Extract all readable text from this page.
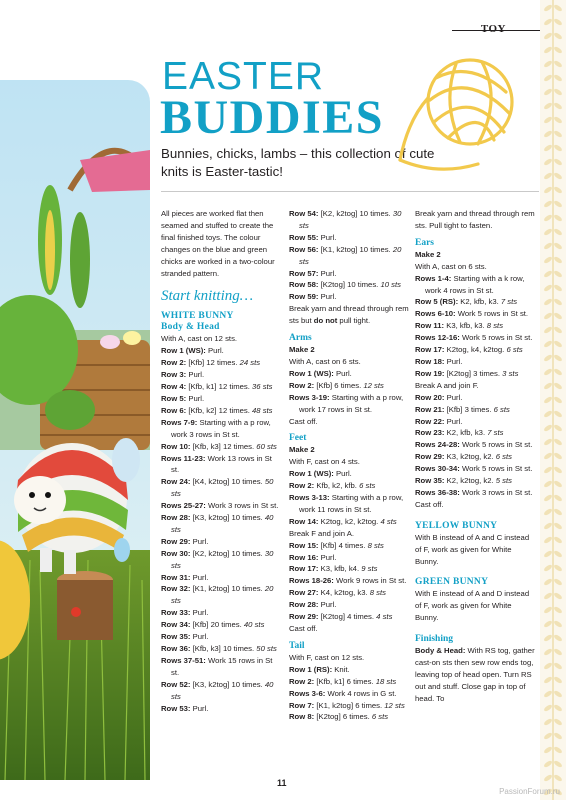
TOY
EASTER
BUDDIES
Bunnies, chicks, lambs – this collection of cute knits is Easter-tastic!

All pieces are worked flat then seamed and stuffed to create the final finished toys. The colour changes on the blue and green chicks are worked in a two-colour stranded pattern.

Start knitting…

WHITE BUNNY

Body & Head

With A, cast on 12 sts.

Row 1 (WS): Purl.

Row 2: [Kfb] 12 times. 24 sts

Row 3: Purl.

Row 4: [Kfb, k1] 12 times. 36 sts

Row 5: Purl.

Row 6: [Kfb, k2] 12 times. 48 sts

Rows 7-9: Starting with a p row, work 3 rows in St st.

Row 10: [Kfb, k3] 12 times. 60 sts

Rows 11-23: Work 13 rows in St st.

Row 24: [K4, k2tog] 10 times. 50 sts

Rows 25-27: Work 3 rows in St st.

Row 28: [K3, k2tog] 10 times. 40 sts

Row 29: Purl.

Row 30: [K2, k2tog] 10 times. 30 sts

Row 31: Purl.

Row 32: [K1, k2tog] 10 times. 20 sts

Row 33: Purl.

Row 34: [Kfb] 20 times. 40 sts

Row 35: Purl.

Row 36: [Kfb, k3] 10 times. 50 sts

Rows 37-51: Work 15 rows in St st.

Row 52: [K3, k2tog] 10 times. 40 sts

Row 53: Purl.

Row 54: [K2, k2tog] 10 times. 30 sts

Row 55: Purl.

Row 56: [K1, k2tog] 10 times. 20 sts

Row 57: Purl.

Row 58: [K2tog] 10 times. 10 sts

Row 59: Purl.

Break yarn and thread through rem sts but do not pull tight.

Arms

Make 2

With A, cast on 6 sts.

Row 1 (WS): Purl.

Row 2: [Kfb] 6 times. 12 sts

Rows 3-19: Starting with a p row, work 17 rows in St st.

Cast off.

Feet

Make 2

With F, cast on 4 sts.

Row 1 (WS): Purl.

Row 2: Kfb, k2, kfb. 6 sts

Rows 3-13: Starting with a p row, work 11 rows in St st.

Row 14: K2tog, k2, k2tog. 4 sts

Break F and join A.

Row 15: [Kfb] 4 times. 8 sts

Row 16: Purl.

Row 17: K3, kfb, k4. 9 sts

Rows 18-26: Work 9 rows in St st.

Row 27: K4, k2tog, k3. 8 sts

Row 28: Purl.

Row 29: [K2tog] 4 times. 4 sts

Cast off.

Tail

With F, cast on 12 sts.

Row 1 (RS): Knit.

Row 2: [Kfb, k1] 6 times. 18 sts

Rows 3-6: Work 4 rows in G st.

Row 7: [K1, k2tog] 6 times. 12 sts

Row 8: [K2tog] 6 times. 6 sts

Break yarn and thread through rem sts. Pull tight to fasten.

Ears

Make 2

With A, cast on 6 sts.

Rows 1-4: Starting with a k row, work 4 rows in St st.

Row 5 (RS): K2, kfb, k3. 7 sts

Rows 6-10: Work 5 rows in St st.

Row 11: K3, kfb, k3. 8 sts

Rows 12-16: Work 5 rows in St st.

Row 17: K2tog, k4, k2tog. 6 sts

Row 18: Purl.

Row 19: [K2tog] 3 times. 3 sts

Break A and join F.

Row 20: Purl.

Row 21: [Kfb] 3 times. 6 sts

Row 22: Purl.

Row 23: K2, kfb, k3. 7 sts

Rows 24-28: Work 5 rows in St st.

Row 29: K3, k2tog, k2. 6 sts

Rows 30-34: Work 5 rows in St st.

Row 35: K2, k2tog, k2. 5 sts

Rows 36-38: Work 3 rows in St st.

Cast off.

YELLOW BUNNY

With B instead of A and C instead of F, work as given for White Bunny.

GREEN BUNNY

With E instead of A and D instead of F, work as given for White Bunny.

Finishing

Body & Head: With RS tog, gather cast-on sts then sew row ends tog, leaving top of head open. Turn RS out and stuff. Close gap in top of head. To

11
PassionForum.ru
